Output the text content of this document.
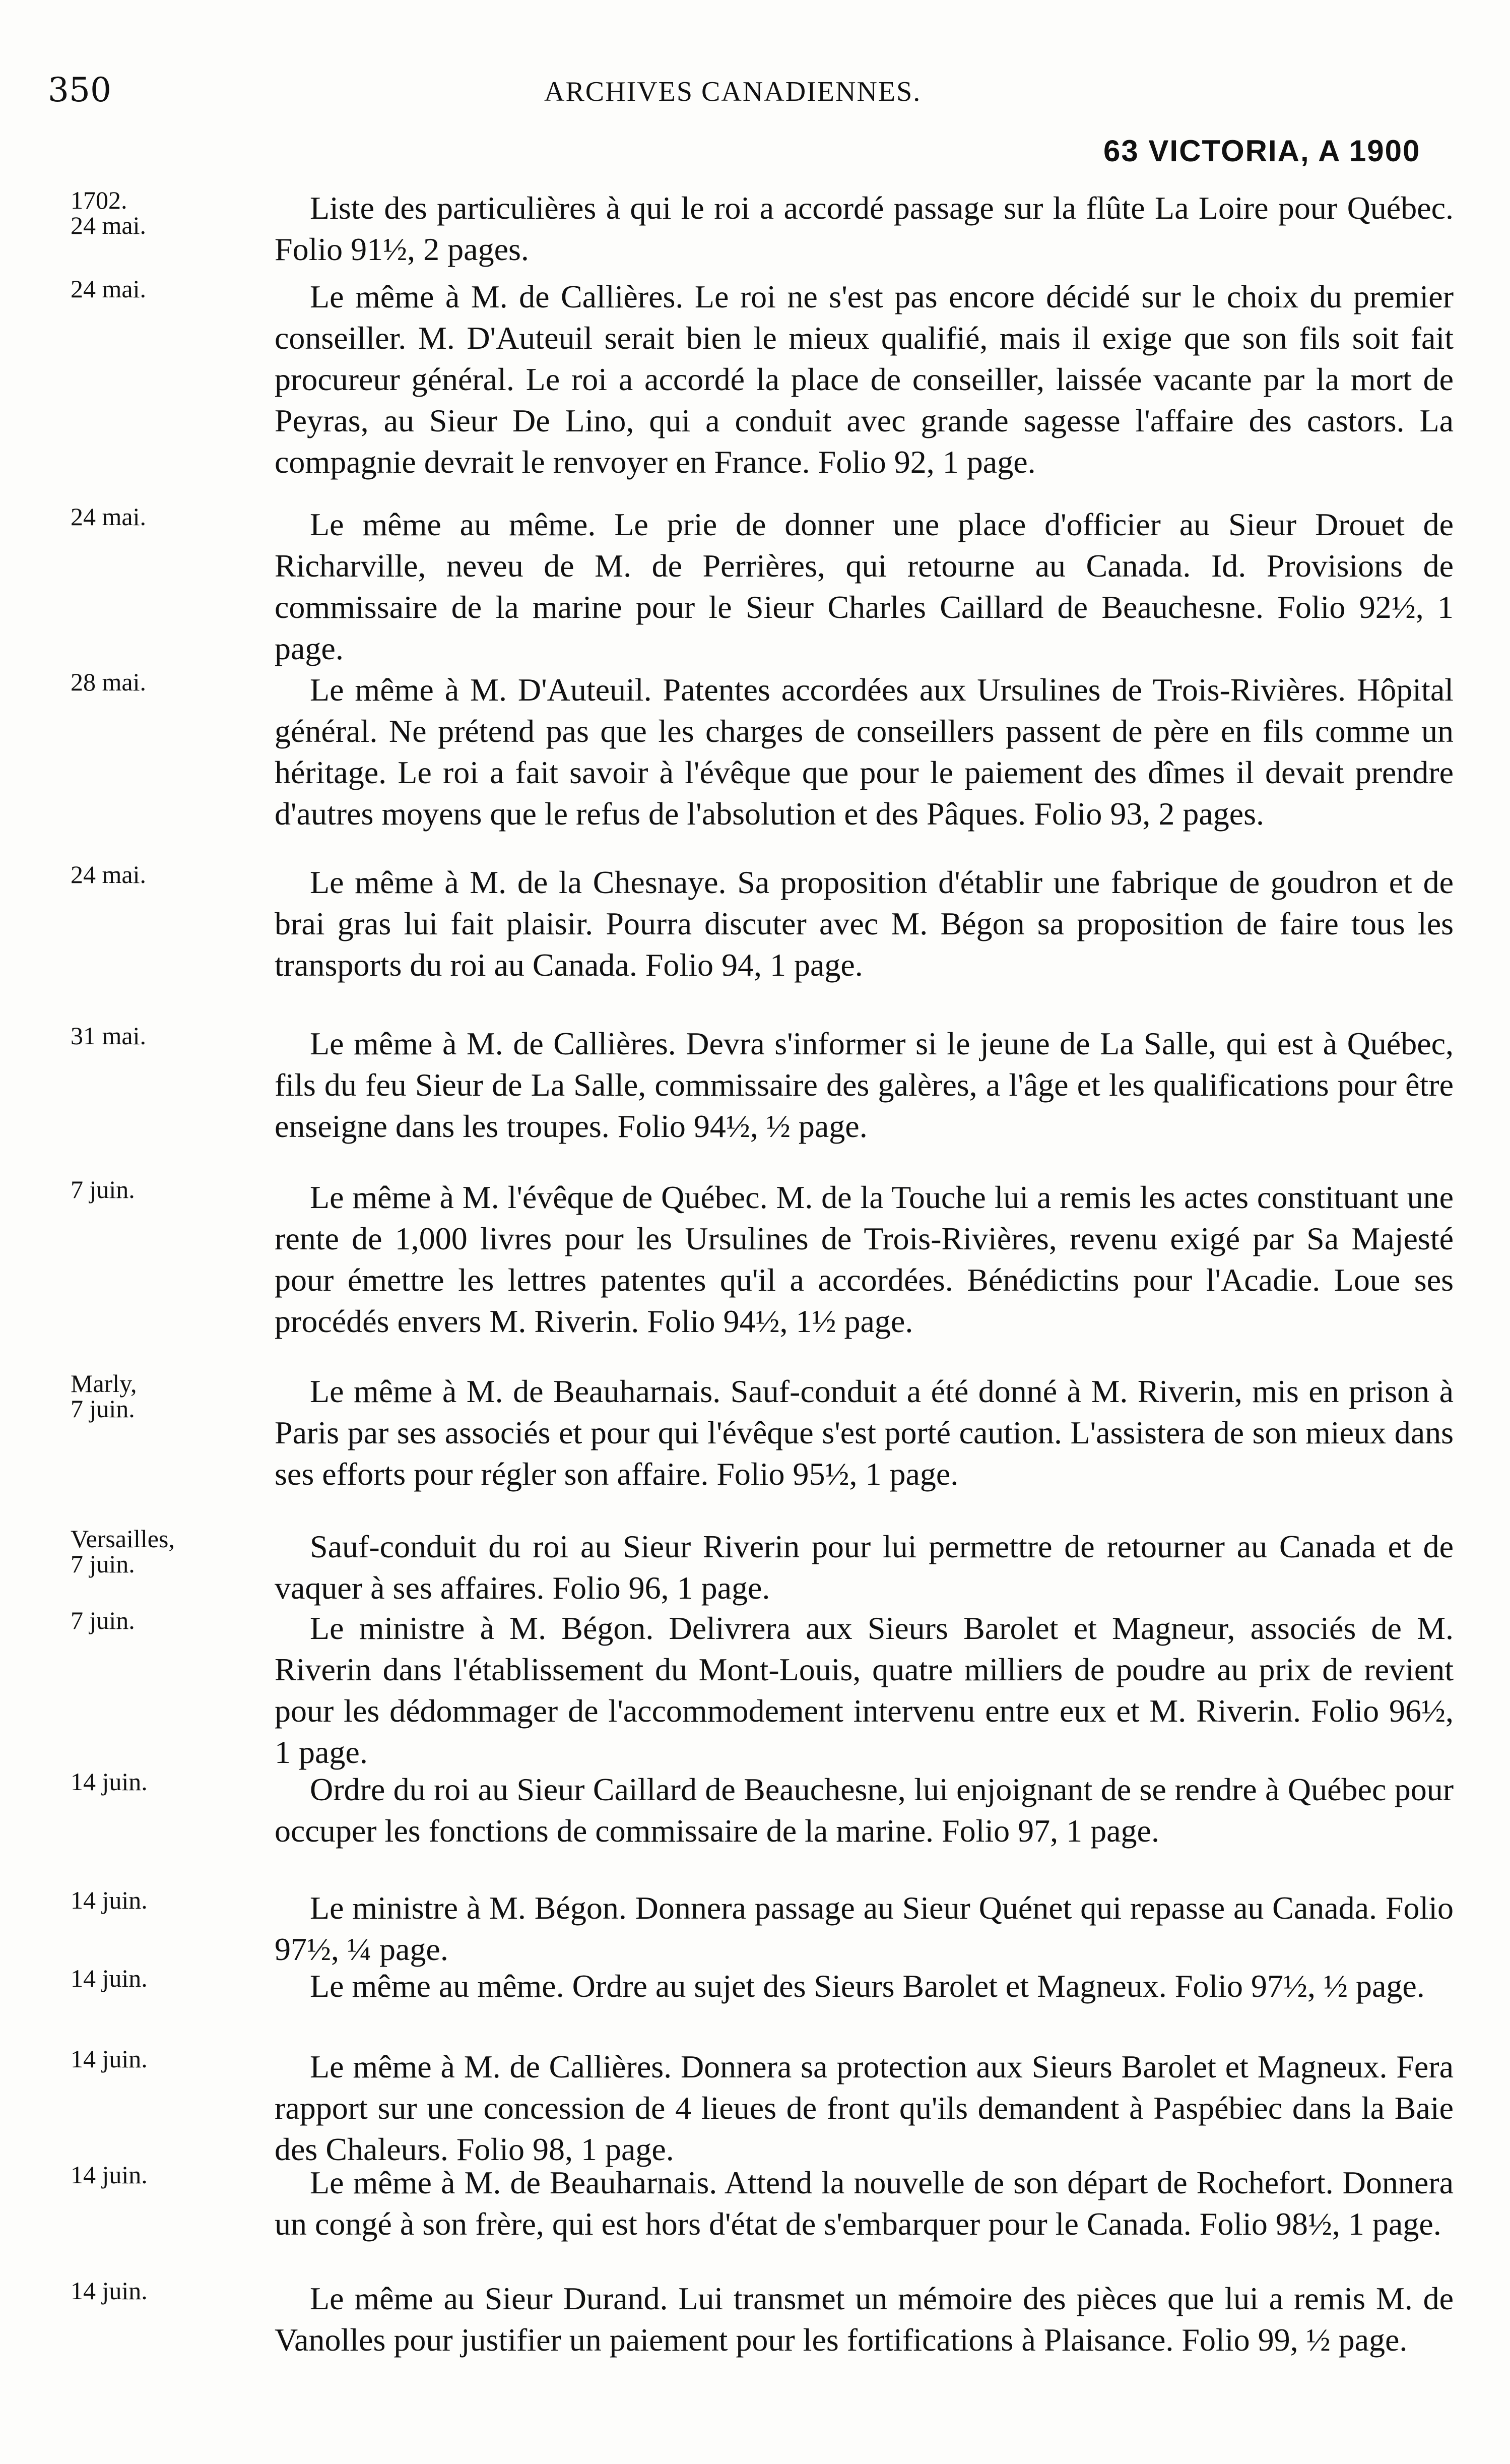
350	ARCHIVES CANADIENNES.
63 VICTORIA, A 1900
1702.
24 mai.	Liste des particulières à qui le roi a accordé passage sur la flûte La Loire pour Québec. Folio 91½, 2 pages.
24 mai.	Le même à M. de Callières. Le roi ne s'est pas encore décidé sur le choix du premier conseiller. M. D'Auteuil serait bien le mieux qualifié, mais il exige que son fils soit fait procureur général. Le roi a accordé la place de conseiller, laissée vacante par la mort de Peyras, au Sieur De Lino, qui a conduit avec grande sagesse l'affaire des castors. La compagnie devrait le renvoyer en France. Folio 92, 1 page.
24 mai.	Le même au même. Le prie de donner une place d'officier au Sieur Drouet de Richarville, neveu de M. de Perrières, qui retourne au Canada. Id. Provisions de commissaire de la marine pour le Sieur Charles Caillard de Beauchesne. Folio 92½, 1 page.
28 mai.	Le même à M. D'Auteuil. Patentes accordées aux Ursulines de Trois-Rivières. Hôpital général. Ne prétend pas que les charges de conseillers passent de père en fils comme un héritage. Le roi a fait savoir à l'évêque que pour le paiement des dîmes il devait prendre d'autres moyens que le refus de l'absolution et des Pâques. Folio 93, 2 pages.
24 mai.	Le même à M. de la Chesnaye. Sa proposition d'établir une fabrique de goudron et de brai gras lui fait plaisir. Pourra discuter avec M. Bégon sa proposition de faire tous les transports du roi au Canada. Folio 94, 1 page.
31 mai.	Le même à M. de Callières. Devra s'informer si le jeune de La Salle, qui est à Québec, fils du feu Sieur de La Salle, commissaire des galères, a l'âge et les qualifications pour être enseigne dans les troupes. Folio 94½, ½ page.
7 juin.	Le même à M. l'évêque de Québec. M. de la Touche lui a remis les actes constituant une rente de 1,000 livres pour les Ursulines de Trois-Rivières, revenu exigé par Sa Majesté pour émettre les lettres patentes qu'il a accordées. Bénédictins pour l'Acadie. Loue ses procédés envers M. Riverin. Folio 94½, 1½ page.
Marly,
7 juin.	Le même à M. de Beauharnais. Sauf-conduit a été donné à M. Riverin, mis en prison à Paris par ses associés et pour qui l'évêque s'est porté caution. L'assistera de son mieux dans ses efforts pour régler son affaire. Folio 95½, 1 page.
Versailles,
7 juin.	Sauf-conduit du roi au Sieur Riverin pour lui permettre de retourner au Canada et de vaquer à ses affaires. Folio 96, 1 page.
7 juin.	Le ministre à M. Bégon. Delivrera aux Sieurs Barolet et Magneur, associés de M. Riverin dans l'établissement du Mont-Louis, quatre milliers de poudre au prix de revient pour les dédommager de l'accommodement intervenu entre eux et M. Riverin. Folio 96½, 1 page.
14 juin.	Ordre du roi au Sieur Caillard de Beauchesne, lui enjoignant de se rendre à Québec pour occuper les fonctions de commissaire de la marine. Folio 97, 1 page.
14 juin.	Le ministre à M. Bégon. Donnera passage au Sieur Quénet qui repasse au Canada. Folio 97½, ¼ page.
14 juin.	Le même au même. Ordre au sujet des Sieurs Barolet et Magneux. Folio 97½, ½ page.
14 juin.	Le même à M. de Callières. Donnera sa protection aux Sieurs Barolet et Magneux. Fera rapport sur une concession de 4 lieues de front qu'ils demandent à Paspébiec dans la Baie des Chaleurs. Folio 98, 1 page.
14 juin.	Le même à M. de Beauharnais. Attend la nouvelle de son départ de Rochefort. Donnera un congé à son frère, qui est hors d'état de s'embarquer pour le Canada. Folio 98½, 1 page.
14 juin.	Le même au Sieur Durand. Lui transmet un mémoire des pièces que lui a remis M. de Vanolles pour justifier un paiement pour les fortifications à Plaisance. Folio 99, ½ page.
